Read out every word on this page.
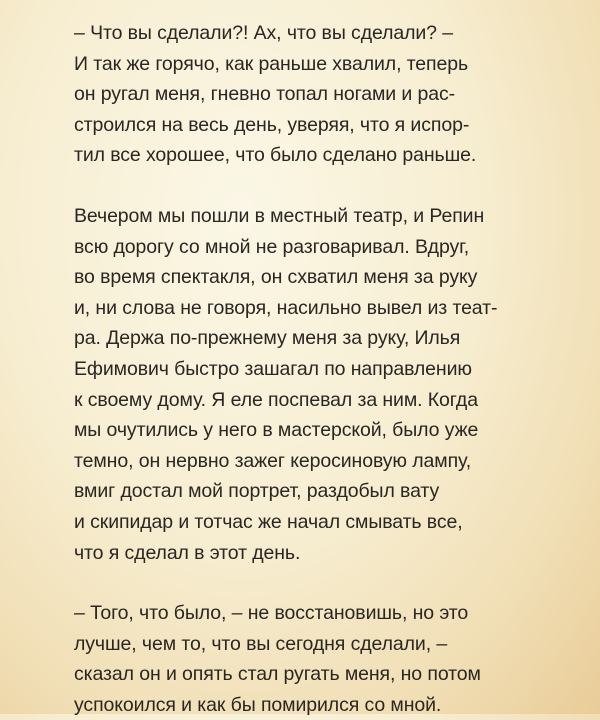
– Что вы сделали?! Ах, что вы сделали? –
И так же горячо, как раньше хвалил, теперь
он ругал меня, гневно топал ногами и рас-
строился на весь день, уверяя, что я испор-
тил все хорошее, что было сделано раньше.

Вечером мы пошли в местный театр, и Репин
всю дорогу со мной не разговаривал. Вдруг,
во время спектакля, он схватил меня за руку
и, ни слова не говоря, насильно вывел из теат-
ра. Держа по-прежнему меня за руку, Илья
Ефимович быстро зашагал по направлению
к своему дому. Я еле поспевал за ним. Когда
мы очутились у него в мастерской, было уже
темно, он нервно зажег керосиновую лампу,
вмиг достал мой портрет, раздобыл вату
и скипидар и тотчас же начал смывать все,
что я сделал в этот день.

– Того, что было, – не восстановишь, но это
лучше, чем то, что вы сегодня сделали, –
сказал он и опять стал ругать меня, но потом
успокоился и как бы помирился со мной.
